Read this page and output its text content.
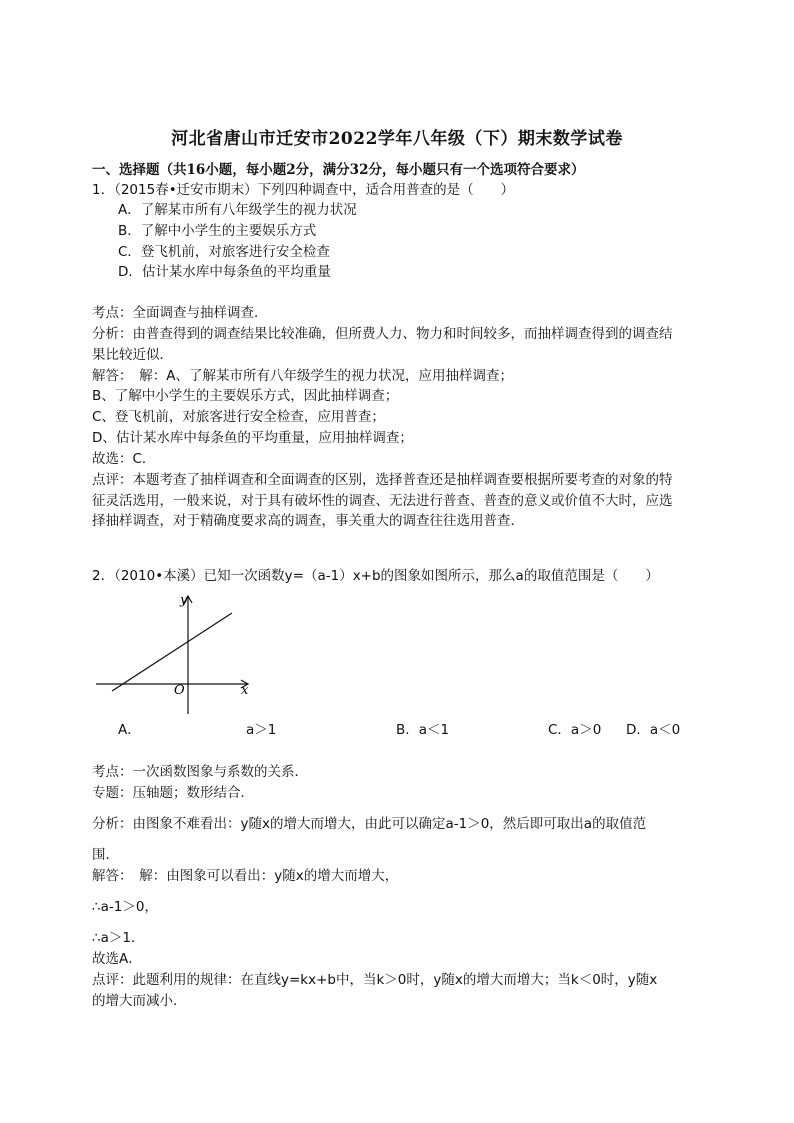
河北省唐山市迁安市2022学年八年级（下）期末数学试卷
一、选择题（共16小题，每小题2分，满分32分，每小题只有一个选项符合要求）
1．（2015春•迁安市期末）下列四种调查中，适合用普查的是（　　）
A．了解某市所有八年级学生的视力状况
B．了解中小学生的主要娱乐方式
C．登飞机前，对旅客进行安全检查
D．估计某水库中每条鱼的平均重量
考点：全面调查与抽样调查．
分析：由普查得到的调查结果比较准确，但所费人力、物力和时间较多，而抽样调查得到的调查结
果比较近似．
解答：　解：A、了解某市所有八年级学生的视力状况，应用抽样调查；
B、了解中小学生的主要娱乐方式，因此抽样调查；
C、登飞机前，对旅客进行安全检查，应用普查；
D、估计某水库中每条鱼的平均重量，应用抽样调查；
故选：C．
点评：本题考查了抽样调查和全面调查的区别，选择普查还是抽样调查要根据所要考查的对象的特
征灵活选用，一般来说，对于具有破坏性的调查、无法进行普查、普查的意义或价值不大时，应选
择抽样调查，对于精确度要求高的调查，事关重大的调查往往选用普查．
2．（2010•本溪）已知一次函数y=（a-1）x+b的图象如图所示，那么a的取值范围是（　　）
y
x
O
A．	a＞1	B．a＜1	C．a＞0 D．a＜0
考点：一次函数图象与系数的关系．
专题：压轴题；数形结合．
分析：由图象不难看出：y随x的增大而增大，由此可以确定a-1＞0，然后即可取出a的取值范
围．
解答：　解：由图象可以看出：y随x的增大而增大，
∴a-1＞0，
∴a＞1．
故选A．
点评：此题利用的规律：在直线y=kx+b中，当k＞0时，y随x的增大而增大；当k＜0时，y随x
的增大而减小．
